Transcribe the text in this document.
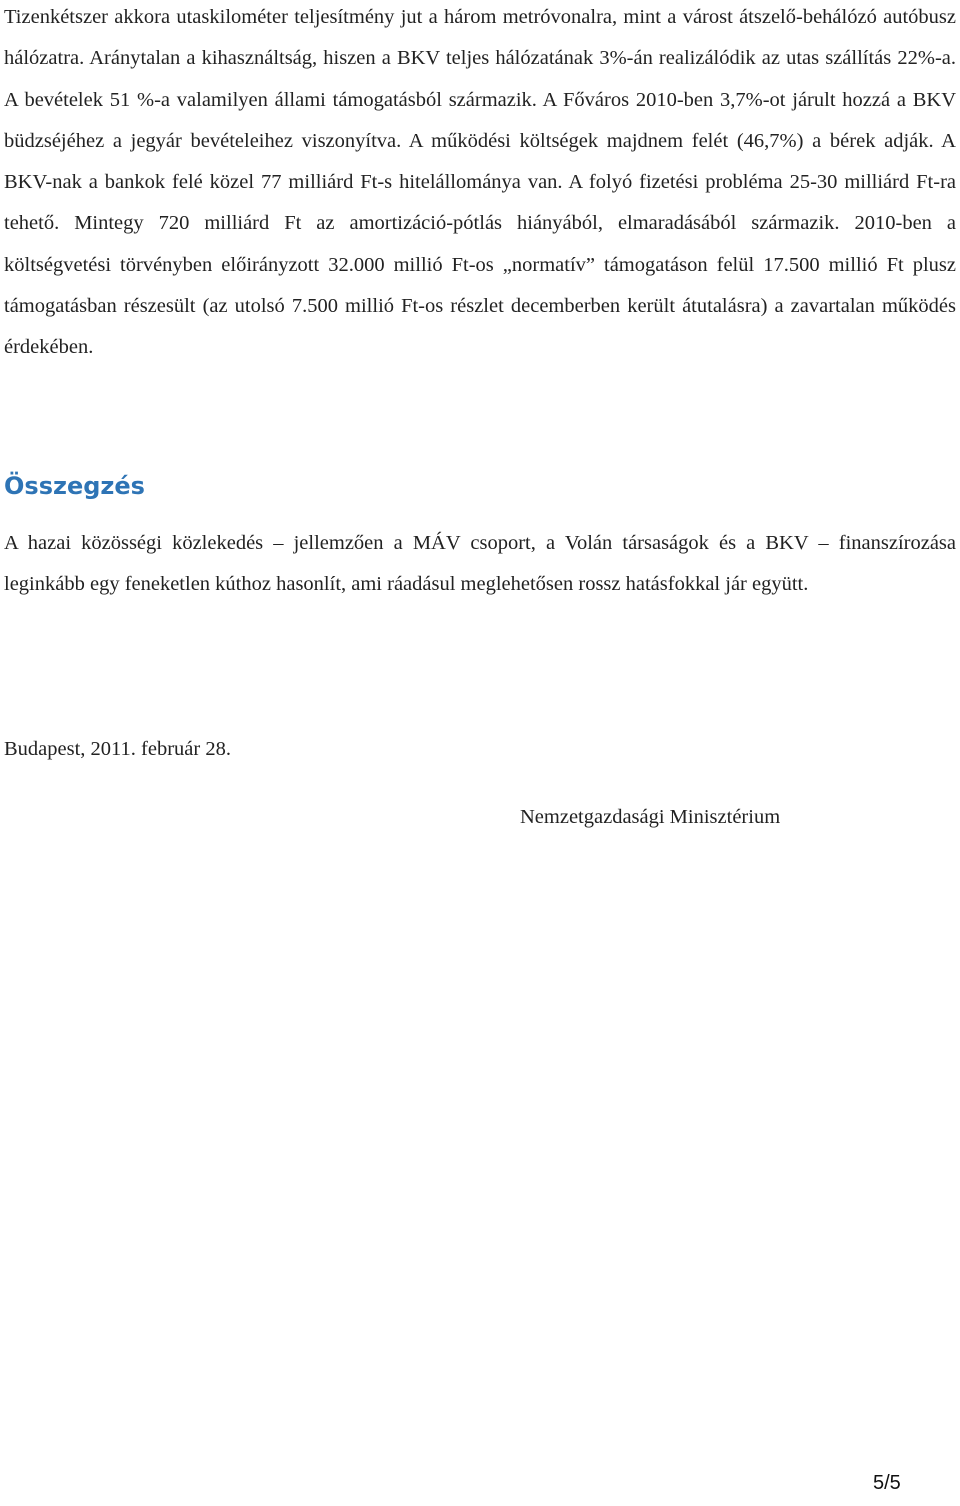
Tizenkétszer akkora utaskilométer teljesítmény jut a három metróvonalra, mint a várost átszelő-behálózó autóbusz hálózatra. Aránytalan a kihasználtság, hiszen a BKV teljes hálózatának 3%-án realizálódik az utas szállítás 22%-a. A bevételek 51 %-a valamilyen állami támogatásból származik. A Főváros 2010-ben 3,7%-ot járult hozzá a BKV büdzséjéhez a jegyár bevételeihez viszonyítva. A működési költségek majdnem felét (46,7%) a bérek adják. A BKV-nak a bankok felé közel 77 milliárd Ft-s hitelállománya van. A folyó fizetési probléma 25-30 milliárd Ft-ra tehető. Mintegy 720 milliárd Ft az amortizáció-pótlás hiányából, elmaradásából származik. 2010-ben a költségvetési törvényben előirányzott 32.000 millió Ft-os „normatív” támogatáson felül 17.500 millió Ft plusz támogatásban részesült (az utolsó 7.500 millió Ft-os részlet decemberben került átutalásra) a zavartalan működés érdekében.

Összegzés

A hazai közösségi közlekedés – jellemzően a MÁV csoport, a Volán társaságok és a BKV – finanszírozása leginkább egy feneketlen kúthoz hasonlít, ami ráadásul meglehetősen rossz hatásfokkal jár együtt.

Budapest, 2011. február 28.

Nemzetgazdasági Minisztérium

5/5
